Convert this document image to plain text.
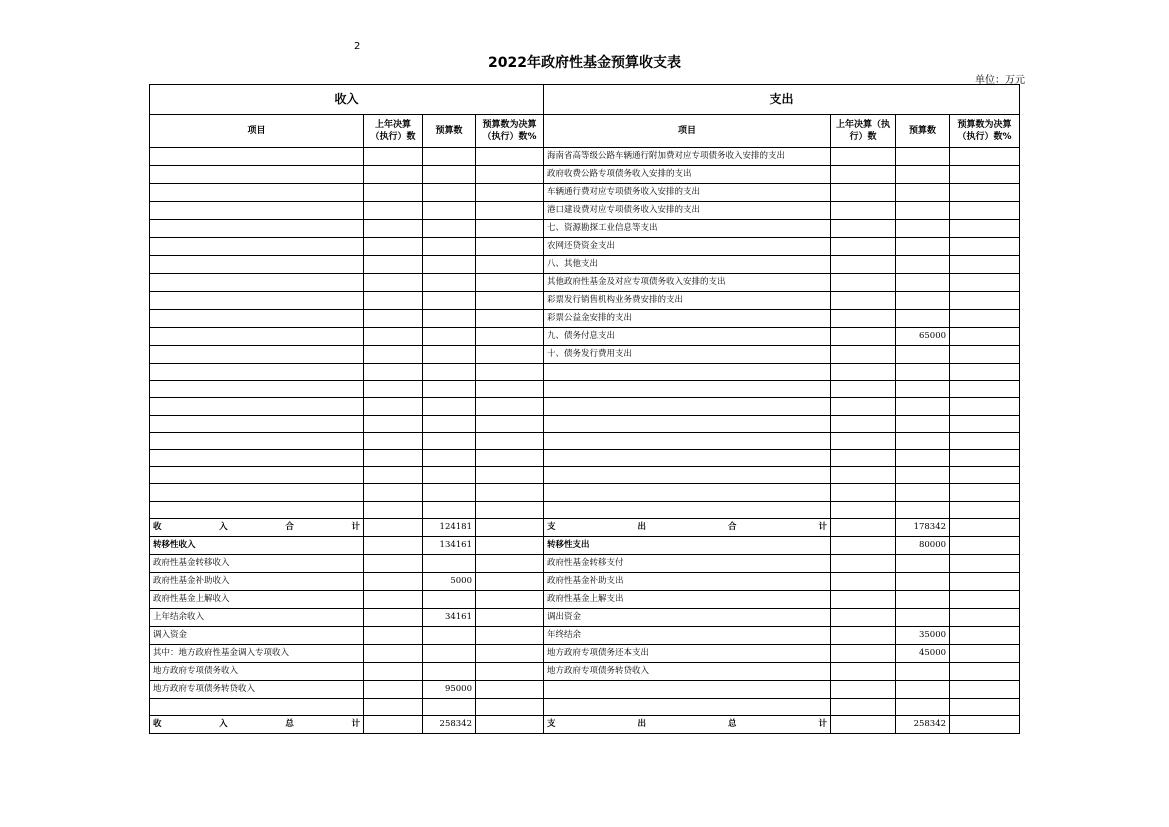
2
2022年政府性基金预算收支表
单位：万元
收入				支出			
项目	上年决算（执行）数	预算数	预算数为决算（执行）数%	项目	上年决算（执行）数	预算数	预算数为决算（执行）数%
				海南省高等级公路车辆通行附加费对应专项债务收入安排的支出			
				政府收费公路专项债务收入安排的支出			
				车辆通行费对应专项债务收入安排的支出			
				港口建设费对应专项债务收入安排的支出			
				七、资源勘探工业信息等支出			
				农网还贷资金支出			
				八、其他支出			
				其他政府性基金及对应专项债务收入安排的支出			
				彩票发行销售机构业务费安排的支出			
				彩票公益金安排的支出			
				九、债务付息支出		65000	
				十、债务发行费用支出			

收 入 合 计		124181		支 出 合 计		178342	
转移性收入		134161		转移性支出		80000	
政府性基金转移收入				政府性基金转移支付			
政府性基金补助收入		5000		政府性基金补助支出			
政府性基金上解收入				政府性基金上解支出			
上年结余收入		34161		调出资金			
调入资金				年终结余		35000	
其中：地方政府性基金调入专项收入				地方政府专项债务还本支出		45000	
地方政府专项债务收入				地方政府专项债务转贷收入			
地方政府专项债务转贷收入		95000					

收 入 总 计		258342		支 出 总 计		258342	
